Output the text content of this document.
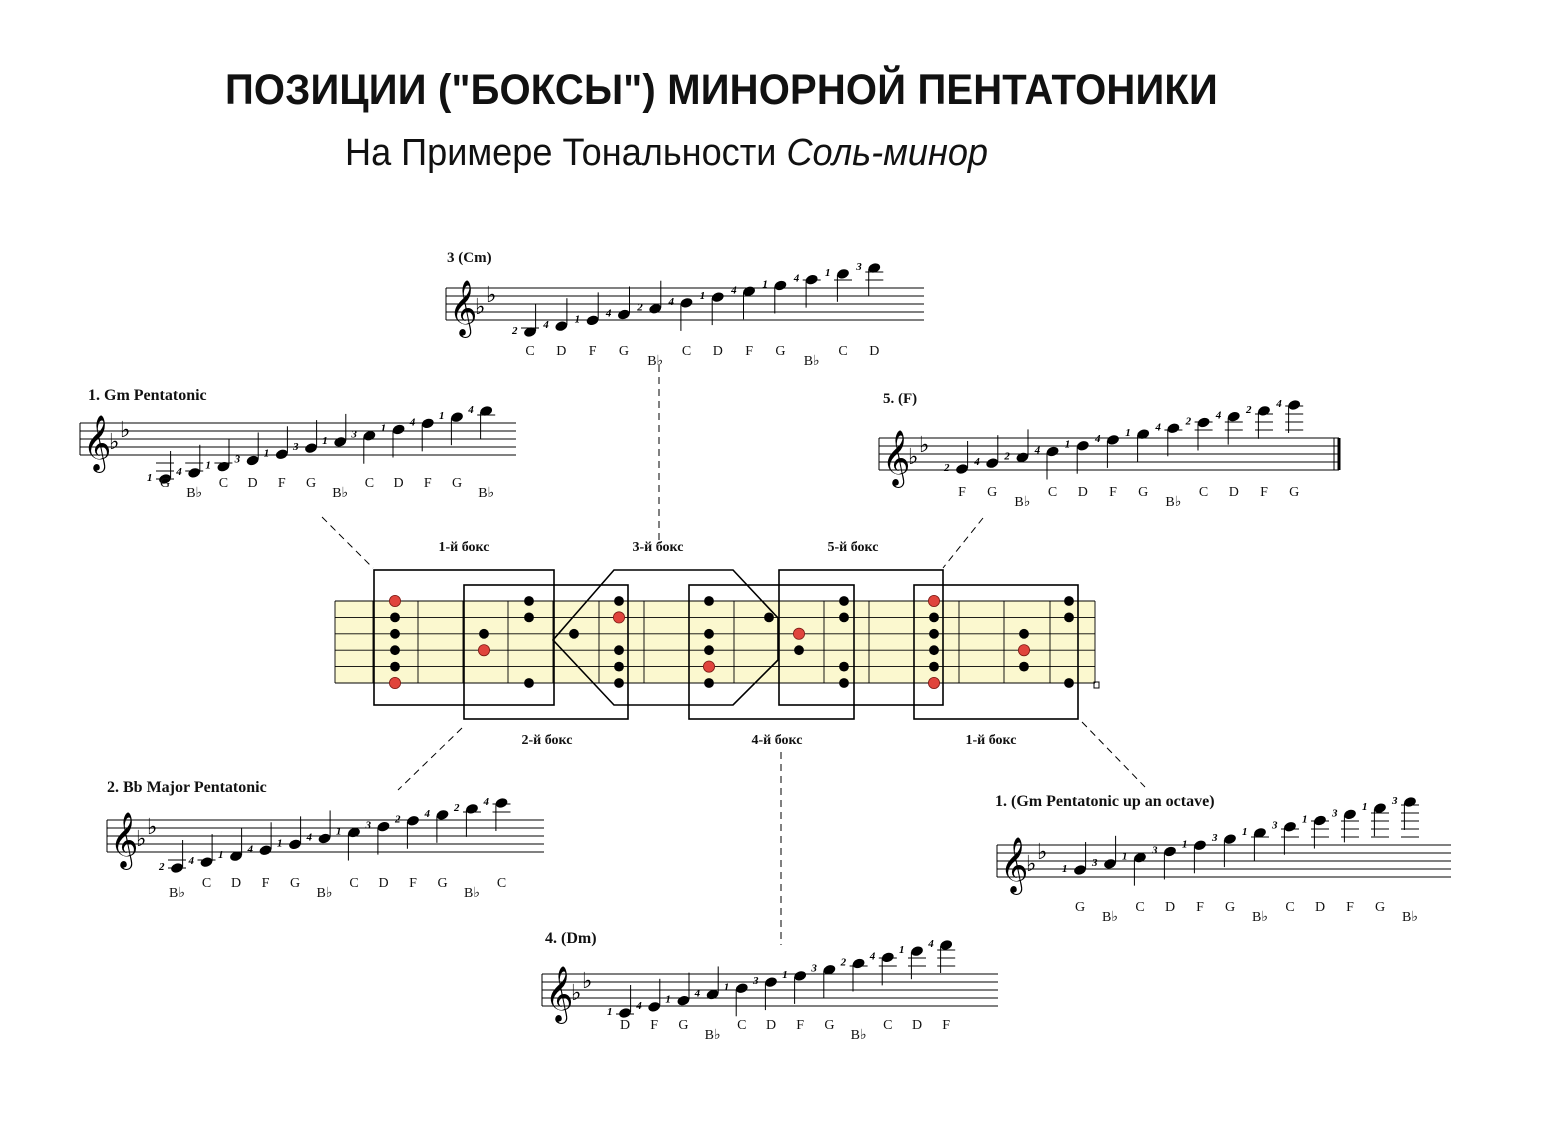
ПОЗИЦИИ ("БОКСЫ") МИНОРНОЙ ПЕНТАТОНИКИ
На Примере Тональности Соль-минор
1-й бокс	3-й бокс	5-й бокс
2-й бокс	4-й бокс	1-й бокс
3 (Cm)
𝄞 ♭
♭
2
C
4
D
1
F
4
G
2
B♭
4
C
1
D
4
F
1
G
4
B♭
1
C
3
D
1. Gm Pentatonic
𝄞 ♭
♭
1 G
4
B♭
1
C
3
D
1
F
3
G
1
B♭
3
C
1
D
4
F
1
G
4
B♭
5. (F)
𝄞 ♭
♭ 2
F
4
G
2
B♭
4
C
1
D
4
F
1
G
4
B♭
2
C
4
D
2
F
4
G
2. Bb Major Pentatonic
𝄞 ♭
♭
2
B♭
4
C
1
D
4
F
1
G
4
B♭
1
C
3
D
2
F
4
G
2
B♭
4
C
1. (Gm Pentatonic up an octave)
𝄞 ♭
♭ 1
G
3
B♭
1
C
3
D
1
F
3
G
1
B♭
3
C
1
D
3
F
1
G
3
B♭
4. (Dm)
𝄞 ♭
♭
1
D
4
F
1
G
4
B♭
1
C
3
D
1
F
3
G
2
B♭
4
C
1
D
4
F
